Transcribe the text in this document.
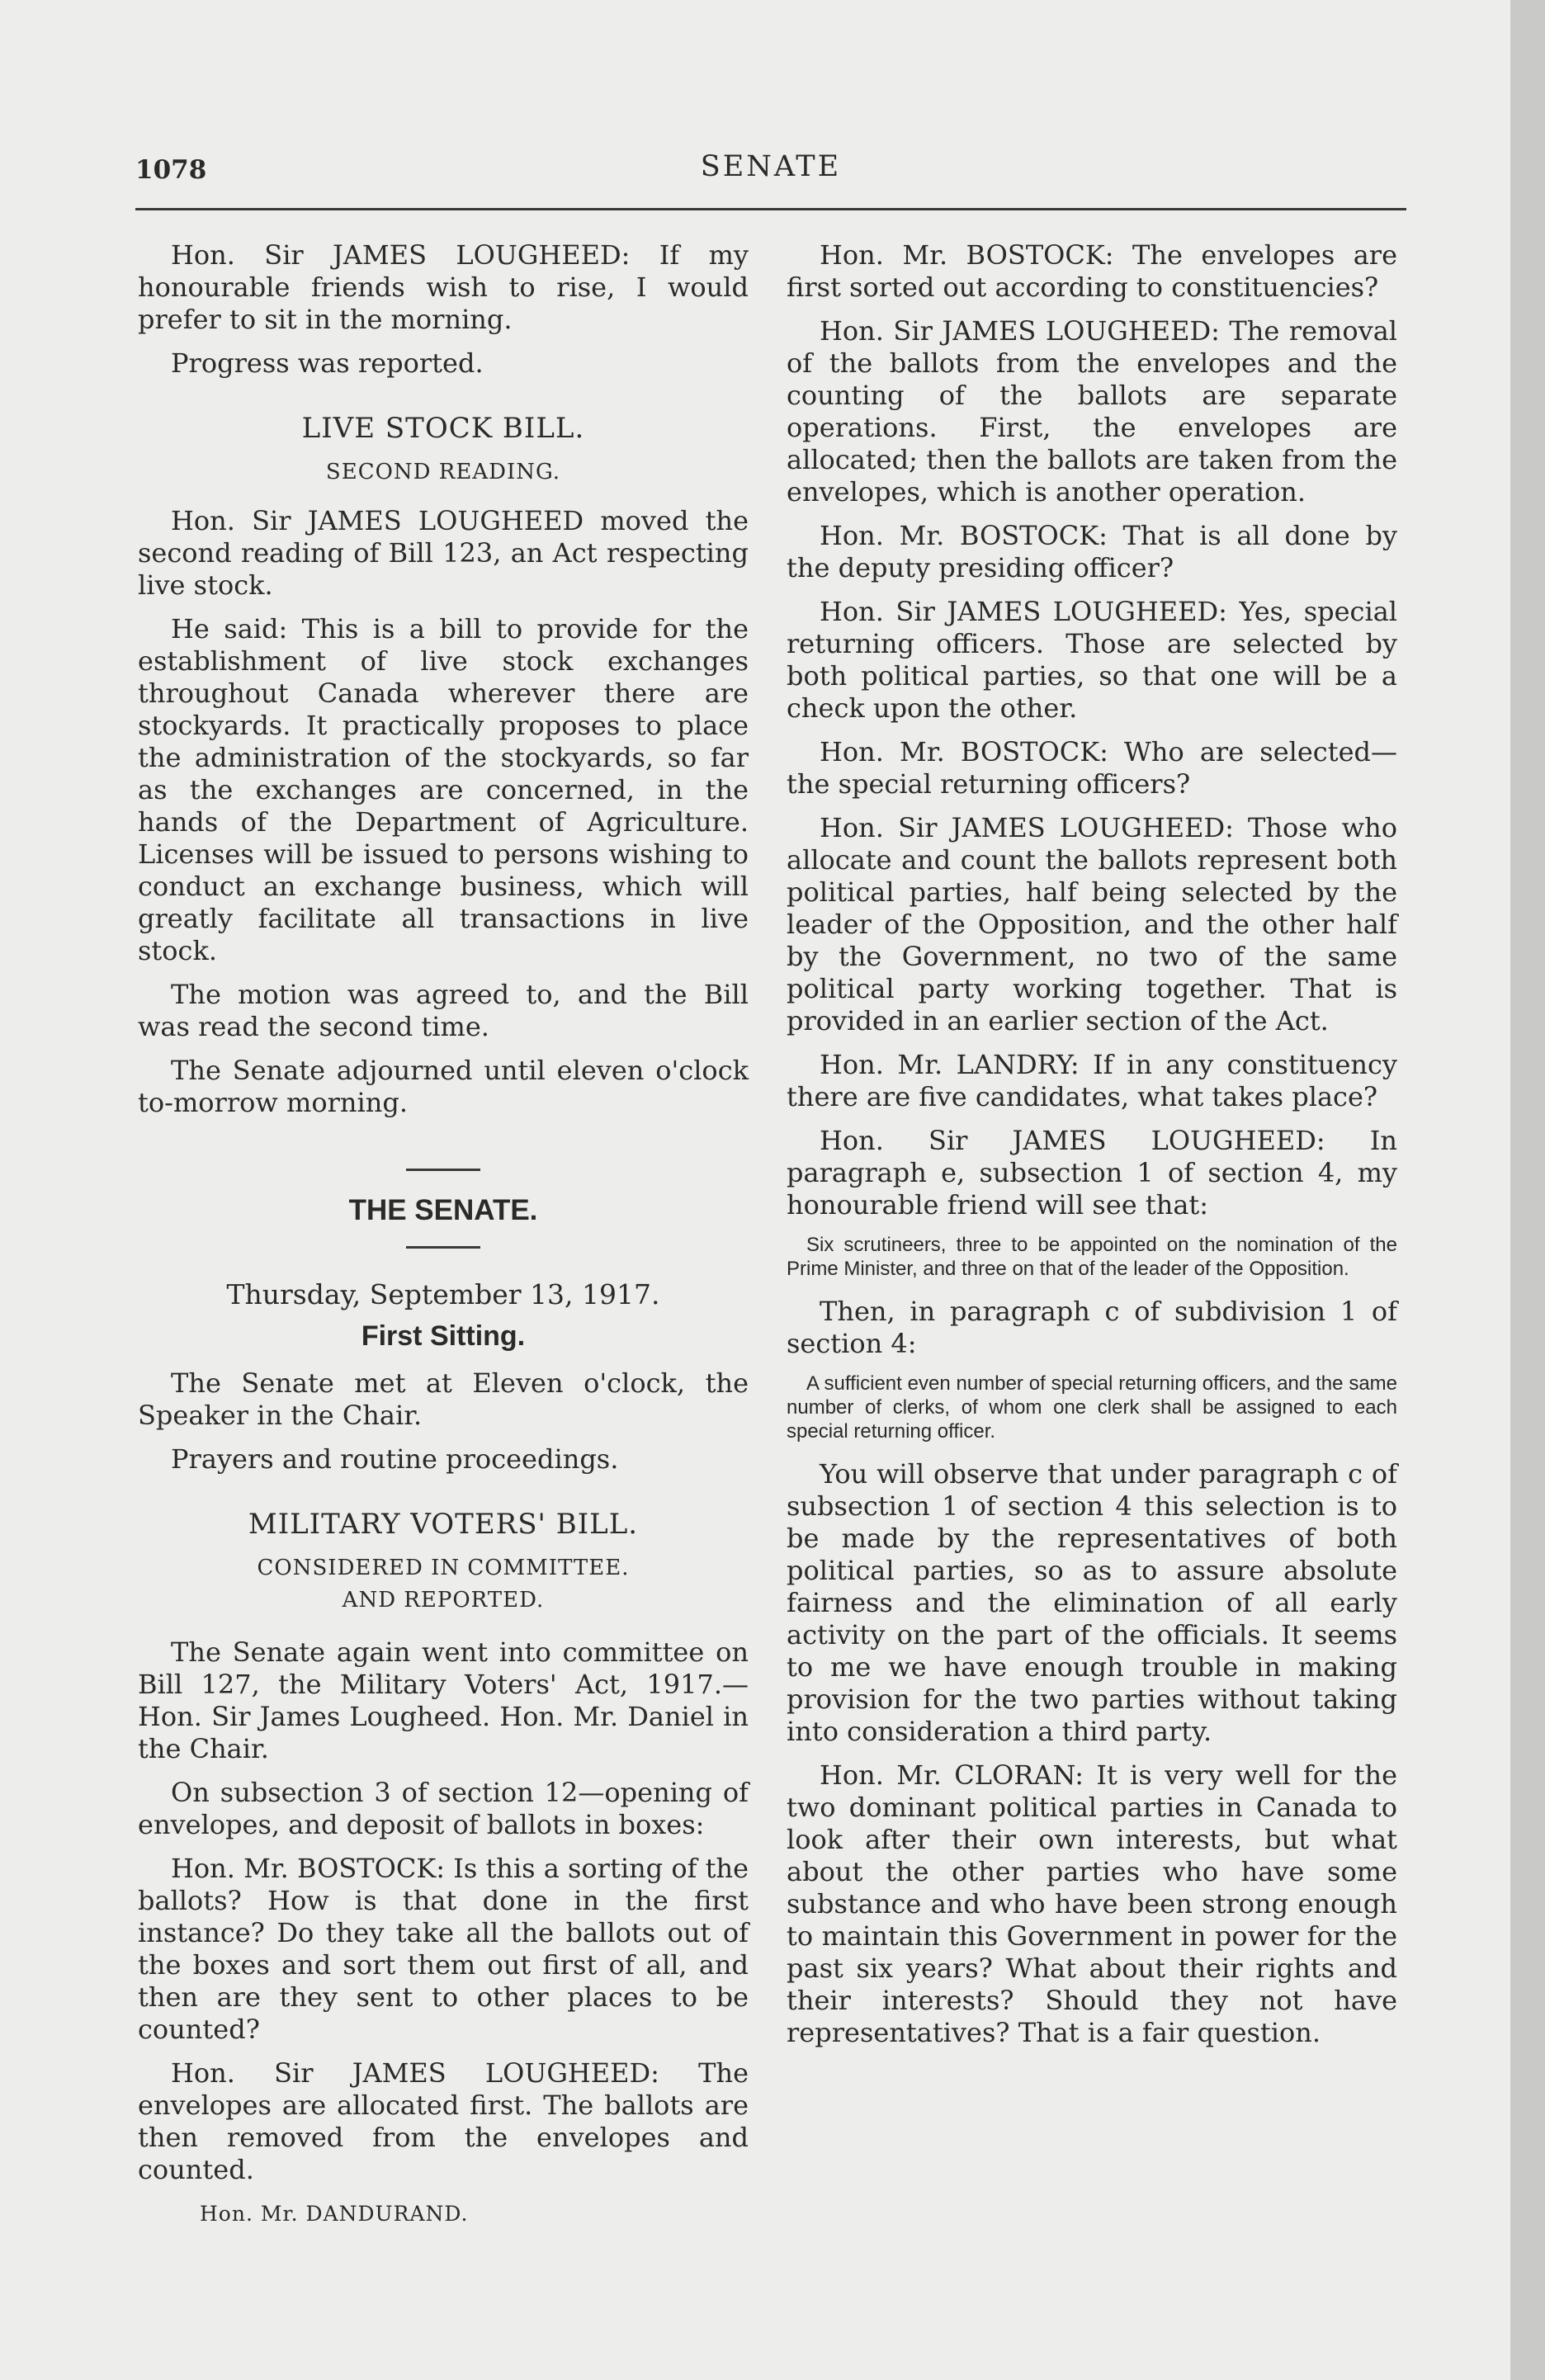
1078	SENATE

Hon. Sir JAMES LOUGHEED: If my honourable friends wish to rise, I would prefer to sit in the morning.

Progress was reported.

LIVE STOCK BILL.

SECOND READING.

Hon. Sir JAMES LOUGHEED moved the second reading of Bill 123, an Act respecting live stock.

He said: This is a bill to provide for the establishment of live stock exchanges throughout Canada wherever there are stockyards. It practically proposes to place the administration of the stockyards, so far as the exchanges are concerned, in the hands of the Department of Agriculture. Licenses will be issued to persons wishing to conduct an exchange business, which will greatly facilitate all transactions in live stock.

The motion was agreed to, and the Bill was read the second time.

The Senate adjourned until eleven o'clock to-morrow morning.

THE SENATE.

Thursday, September 13, 1917.

First Sitting.

The Senate met at Eleven o'clock, the Speaker in the Chair.

Prayers and routine proceedings.

MILITARY VOTERS' BILL.

CONSIDERED IN COMMITTEE.

AND REPORTED.

The Senate again went into committee on Bill 127, the Military Voters' Act, 1917.—Hon. Sir James Lougheed. Hon. Mr. Daniel in the Chair.

On subsection 3 of section 12—opening of envelopes, and deposit of ballots in boxes:

Hon. Mr. BOSTOCK: Is this a sorting of the ballots? How is that done in the first instance? Do they take all the ballots out of the boxes and sort them out first of all, and then are they sent to other places to be counted?

Hon. Sir JAMES LOUGHEED: The envelopes are allocated first. The ballots are then removed from the envelopes and counted.

Hon. Mr. DANDURAND.

Hon. Mr. BOSTOCK: The envelopes are first sorted out according to constituencies?

Hon. Sir JAMES LOUGHEED: The removal of the ballots from the envelopes and the counting of the ballots are separate operations. First, the envelopes are allocated; then the ballots are taken from the envelopes, which is another operation.

Hon. Mr. BOSTOCK: That is all done by the deputy presiding officer?

Hon. Sir JAMES LOUGHEED: Yes, special returning officers. Those are selected by both political parties, so that one will be a check upon the other.

Hon. Mr. BOSTOCK: Who are selected—the special returning officers?

Hon. Sir JAMES LOUGHEED: Those who allocate and count the ballots represent both political parties, half being selected by the leader of the Opposition, and the other half by the Government, no two of the same political party working together. That is provided in an earlier section of the Act.

Hon. Mr. LANDRY: If in any constituency there are five candidates, what takes place?

Hon. Sir JAMES LOUGHEED: In paragraph e, subsection 1 of section 4, my honourable friend will see that:

Six scrutineers, three to be appointed on the nomination of the Prime Minister, and three on that of the leader of the Opposition.

Then, in paragraph c of subdivision 1 of section 4:

A sufficient even number of special returning officers, and the same number of clerks, of whom one clerk shall be assigned to each special returning officer.

You will observe that under paragraph c of subsection 1 of section 4 this selection is to be made by the representatives of both political parties, so as to assure absolute fairness and the elimination of all early activity on the part of the officials. It seems to me we have enough trouble in making provision for the two parties without taking into consideration a third party.

Hon. Mr. CLORAN: It is very well for the two dominant political parties in Canada to look after their own interests, but what about the other parties who have some substance and who have been strong enough to maintain this Government in power for the past six years? What about their rights and their interests? Should they not have representatives? That is a fair question.
